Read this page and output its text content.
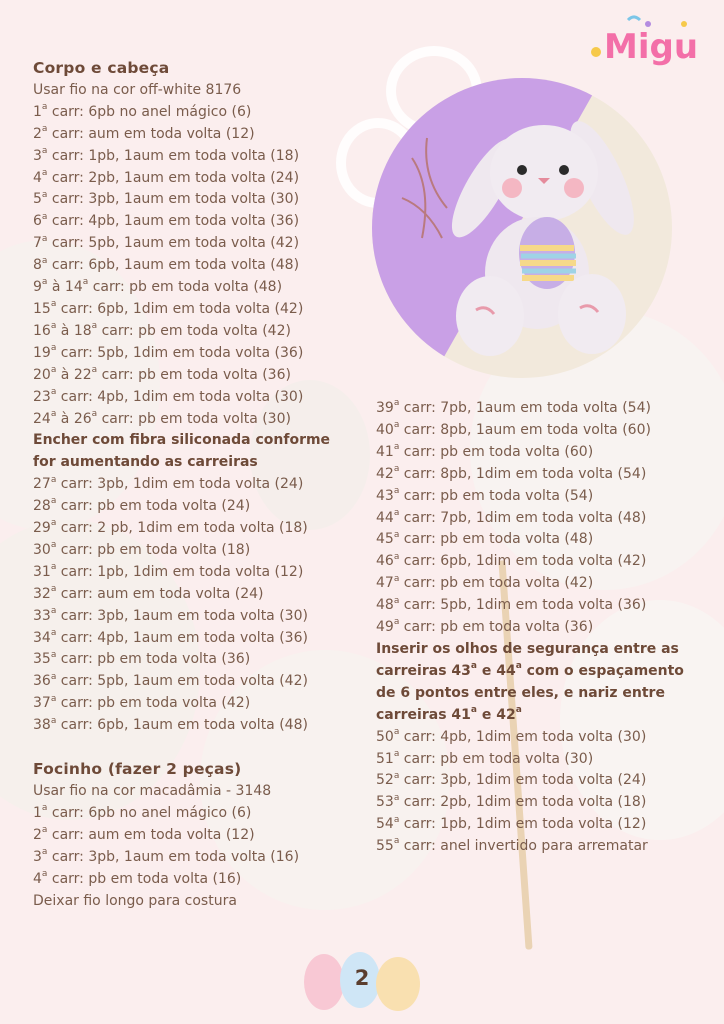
Migu
Corpo e cabeça
Usar fio na cor off-white 8176
1$^a$ carr: 6pb no anel mágico (6)
2$^a$ carr: aum em toda volta (12)
3$^a$ carr: 1pb, 1aum em toda volta (18)
4$^a$ carr: 2pb, 1aum em toda volta (24)
5$^a$ carr: 3pb, 1aum em toda volta (30)
6$^a$ carr: 4pb, 1aum em toda volta (36)
7$^a$ carr: 5pb, 1aum em toda volta (42)
8$^a$ carr: 6pb, 1aum em toda volta (48)
9$^a$ à 14$^a$ carr: pb em toda volta (48)
15$^a$ carr: 6pb, 1dim em toda volta (42)
16$^a$ à 18$^a$ carr: pb em toda volta (42)
19$^a$ carr: 5pb, 1dim em toda volta (36)
20$^a$ à 22$^a$ carr: pb em toda volta (36)
23$^a$ carr: 4pb, 1dim em toda volta (30)
24$^a$ à 26$^a$ carr: pb em toda volta (30)
Encher com fibra siliconada conforme
for aumentando as carreiras
27$^a$ carr: 3pb, 1dim em toda volta (24)
28$^a$ carr: pb em toda volta (24)
29$^a$ carr: 2 pb, 1dim em toda volta (18)
30$^a$ carr: pb em toda volta (18)
31$^a$ carr: 1pb, 1dim em toda volta (12)
32$^a$ carr: aum em toda volta (24)
33$^a$ carr: 3pb, 1aum em toda volta (30)
34$^a$ carr: 4pb, 1aum em toda volta (36)
35$^a$ carr: pb em toda volta (36)
36$^a$ carr: 5pb, 1aum em toda volta (42)
37$^a$ carr: pb em toda volta (42)
38$^a$ carr: 6pb, 1aum em toda volta (48)
Focinho (fazer 2 peças)
Usar fio na cor macadâmia - 3148
1$^a$ carr: 6pb no anel mágico (6)
2$^a$ carr: aum em toda volta (12)
3$^a$ carr: 3pb, 1aum em toda volta (16)
4$^a$ carr: pb em toda volta (16)
Deixar fio longo para costura
39$^a$ carr: 7pb, 1aum em toda volta (54)
40$^a$ carr: 8pb, 1aum em toda volta (60)
41$^a$ carr: pb em toda volta (60)
42$^a$ carr: 8pb, 1dim em toda volta (54)
43$^a$ carr: pb em toda volta (54)
44$^a$ carr: 7pb, 1dim em toda volta (48)
45$^a$ carr: pb em toda volta (48)
46$^a$ carr: 6pb, 1dim em toda volta (42)
47$^a$ carr: pb em toda volta (42)
48$^a$ carr: 5pb, 1dim em toda volta (36)
49$^a$ carr: pb em toda volta (36)
Inserir os olhos de segurança entre as
carreiras 43$^a$ e 44$^a$ com o espaçamento
de 6 pontos entre eles, e nariz entre
carreiras 41$^a$ e 42$^a$
50$^a$ carr: 4pb, 1dim em toda volta (30)
51$^a$ carr: pb em toda volta (30)
52$^a$ carr: 3pb, 1dim em toda volta (24)
53$^a$ carr: 2pb, 1dim em toda volta (18)
54$^a$ carr: 1pb, 1dim em toda volta (12)
55$^a$ carr: anel invertido para arrematar
2
